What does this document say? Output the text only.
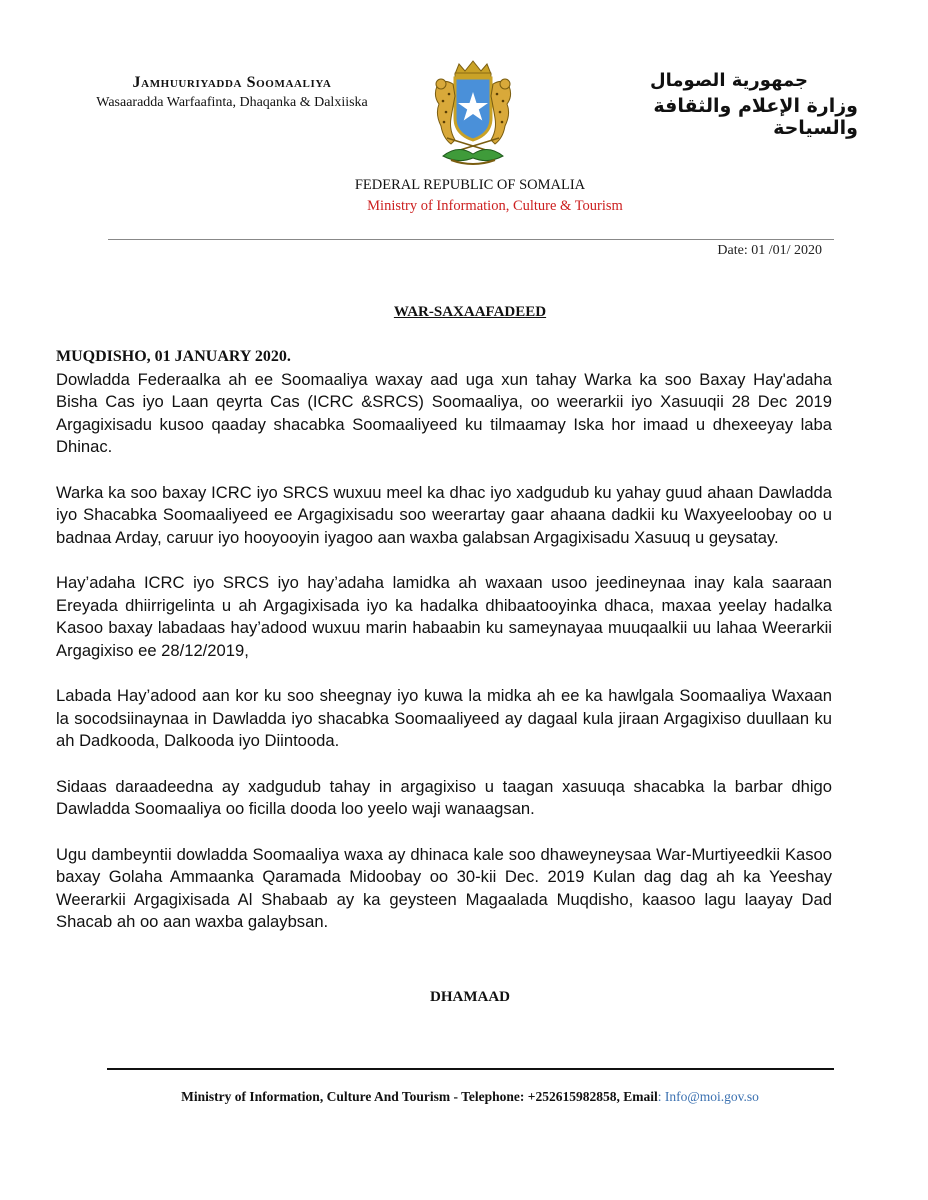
Jamhuuriyadda Soomaaliya
Wasaaradda Warfaafinta, Dhaqanka & Dalxiiska
جمهورية الصومال
وزارة الإعلام والثقافة والسياحة
FEDERAL REPUBLIC OF SOMALIA
Ministry of Information, Culture & Tourism
Date: 01 /01/ 2020
WAR-SAXAAFADEED
MUQDISHO, 01 JANUARY 2020.

Dowladda Federaalka ah ee Soomaaliya waxay aad uga xun tahay Warka ka soo Baxay Hay'adaha Bisha Cas iyo Laan qeyrta Cas (ICRC &SRCS) Soomaaliya, oo weerarkii iyo Xasuuqii 28 Dec 2019 Argagixisadu kusoo qaaday shacabka Soomaaliyeed ku tilmaamay Iska hor imaad u dhexeeyay laba Dhinac.

Warka ka soo baxay ICRC iyo SRCS wuxuu meel ka dhac iyo xadgudub ku yahay guud ahaan Dawladda iyo Shacabka Soomaaliyeed ee Argagixisadu soo weerartay gaar ahaana dadkii ku Waxyeeloobay oo u badnaa Arday, caruur iyo hooyooyin iyagoo aan waxba galabsan Argagixisadu Xasuuq u geysatay.

Hay’adaha ICRC iyo SRCS iyo hay’adaha lamidka ah waxaan usoo jeedineynaa inay kala saaraan Ereyada dhiirrigelinta u ah Argagixisada iyo ka hadalka dhibaatooyinka dhaca, maxaa yeelay hadalka Kasoo baxay labadaas hay’adood wuxuu marin habaabin ku sameynayaa muuqaalkii uu lahaa Weerarkii Argagixiso ee 28/12/2019,

Labada Hay’adood aan kor ku soo sheegnay iyo kuwa la midka ah ee ka hawlgala Soomaaliya Waxaan la socodsiinaynaa in Dawladda iyo shacabka Soomaaliyeed ay dagaal kula jiraan Argagixiso duullaan ku ah Dadkooda, Dalkooda iyo Diintooda.

Sidaas daraadeedna ay xadgudub tahay in argagixiso u taagan xasuuqa shacabka la barbar dhigo Dawladda Soomaaliya oo ficilla dooda loo yeelo waji wanaagsan.

Ugu dambeyntii dowladda Soomaaliya waxa ay dhinaca kale soo dhaweyneysaa War-Murtiyeedkii Kasoo baxay Golaha Ammaanka Qaramada Midoobay oo 30-kii Dec. 2019 Kulan dag dag ah ka Yeeshay Weerarkii Argagixisada Al Shabaab ay ka geysteen Magaalada Muqdisho, kaasoo lagu laayay Dad Shacab ah oo aan waxba galaybsan.

DHAMAAD
Ministry of Information, Culture And Tourism - Telephone: +252615982858, Email: Info@moi.gov.so
